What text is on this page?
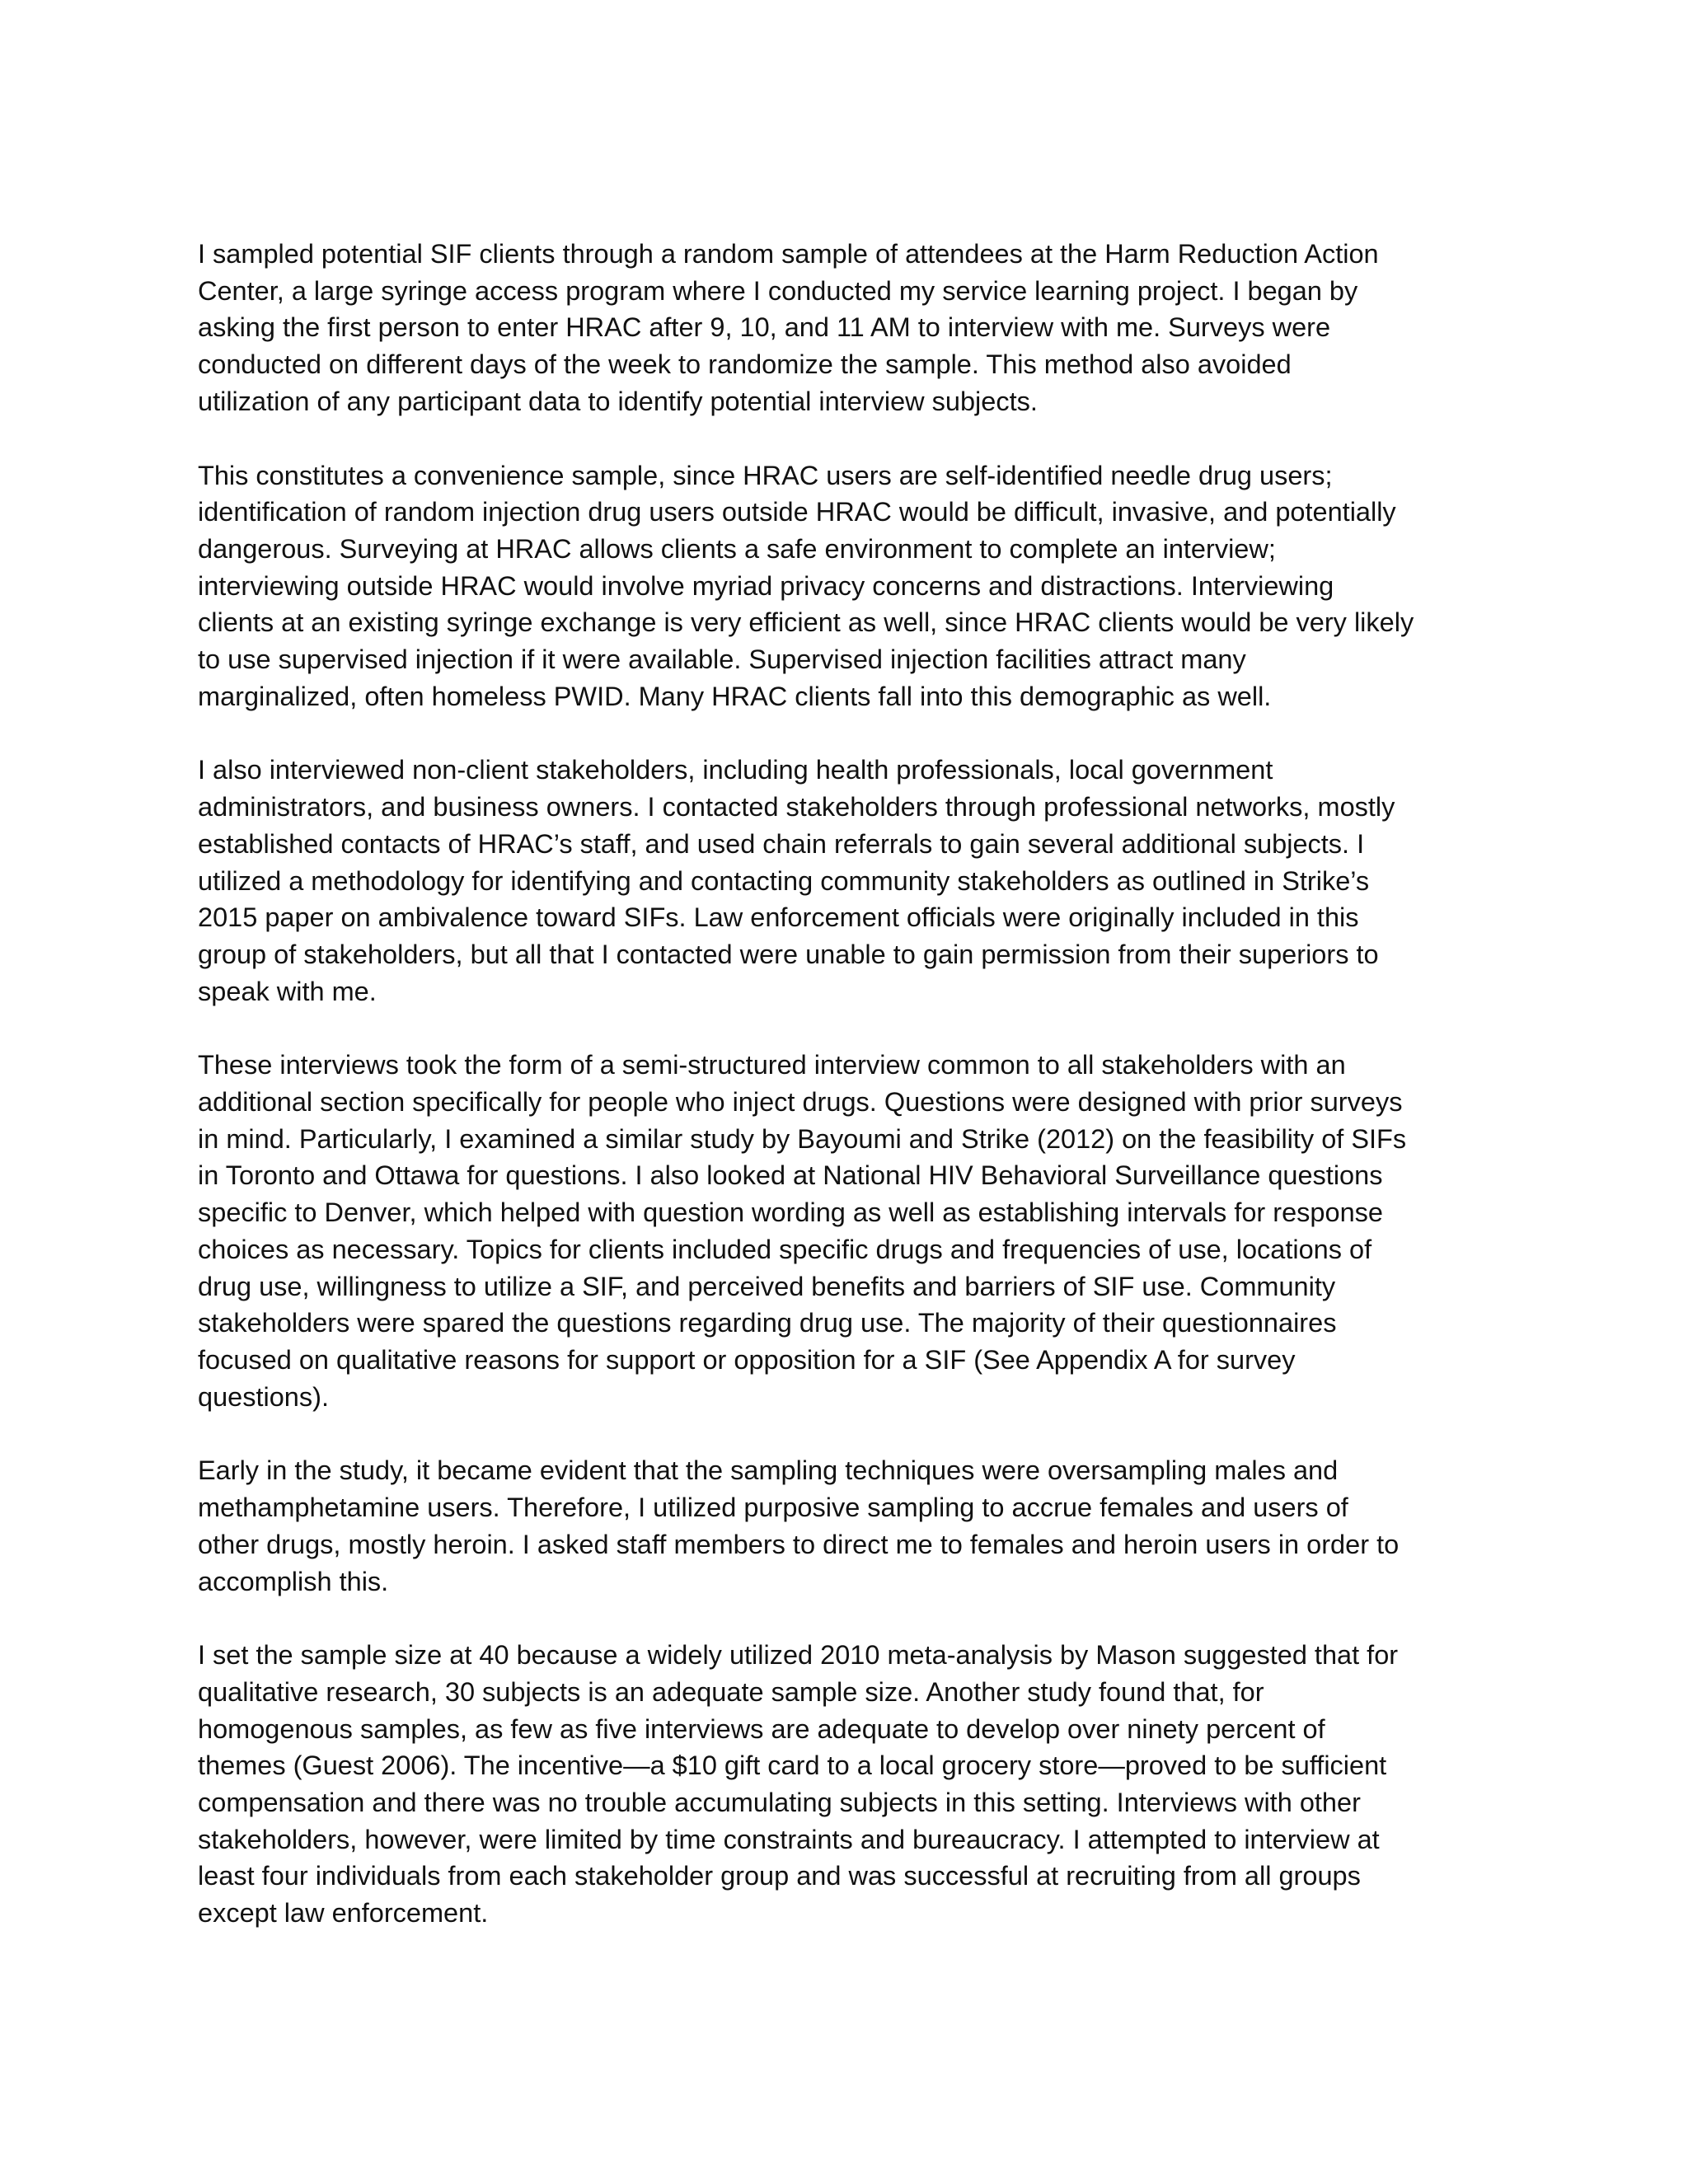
I sampled potential SIF clients through a random sample of attendees at the Harm Reduction Action
Center, a large syringe access program where I conducted my service learning project. I began by
asking the first person to enter HRAC after 9, 10, and 11 AM to interview with me. Surveys were
conducted on different days of the week to randomize the sample. This method also avoided
utilization of any participant data to identify potential interview subjects.

This constitutes a convenience sample, since HRAC users are self-identified needle drug users;
identification of random injection drug users outside HRAC would be difficult, invasive, and potentially
dangerous. Surveying at HRAC allows clients a safe environment to complete an interview;
interviewing outside HRAC would involve myriad privacy concerns and distractions. Interviewing
clients at an existing syringe exchange is very efficient as well, since HRAC clients would be very likely
to use supervised injection if it were available. Supervised injection facilities attract many
marginalized, often homeless PWID. Many HRAC clients fall into this demographic as well.

I also interviewed non-client stakeholders, including health professionals, local government
administrators, and business owners. I contacted stakeholders through professional networks, mostly
established contacts of HRAC’s staff, and used chain referrals to gain several additional subjects. I
utilized a methodology for identifying and contacting community stakeholders as outlined in Strike’s
2015 paper on ambivalence toward SIFs. Law enforcement officials were originally included in this
group of stakeholders, but all that I contacted were unable to gain permission from their superiors to
speak with me.

These interviews took the form of a semi-structured interview common to all stakeholders with an
additional section specifically for people who inject drugs. Questions were designed with prior surveys
in mind. Particularly, I examined a similar study by Bayoumi and Strike (2012) on the feasibility of SIFs
in Toronto and Ottawa for questions. I also looked at National HIV Behavioral Surveillance questions
specific to Denver, which helped with question wording as well as establishing intervals for response
choices as necessary. Topics for clients included specific drugs and frequencies of use, locations of
drug use, willingness to utilize a SIF, and perceived benefits and barriers of SIF use. Community
stakeholders were spared the questions regarding drug use. The majority of their questionnaires
focused on qualitative reasons for support or opposition for a SIF (See Appendix A for survey
questions).

Early in the study, it became evident that the sampling techniques were oversampling males and
methamphetamine users. Therefore, I utilized purposive sampling to accrue females and users of
other drugs, mostly heroin. I asked staff members to direct me to females and heroin users in order to
accomplish this.

I set the sample size at 40 because a widely utilized 2010 meta-analysis by Mason suggested that for
qualitative research, 30 subjects is an adequate sample size. Another study found that, for
homogenous samples, as few as five interviews are adequate to develop over ninety percent of
themes (Guest 2006). The incentive—a $10 gift card to a local grocery store—proved to be sufficient
compensation and there was no trouble accumulating subjects in this setting. Interviews with other
stakeholders, however, were limited by time constraints and bureaucracy. I attempted to interview at
least four individuals from each stakeholder group and was successful at recruiting from all groups
except law enforcement.
